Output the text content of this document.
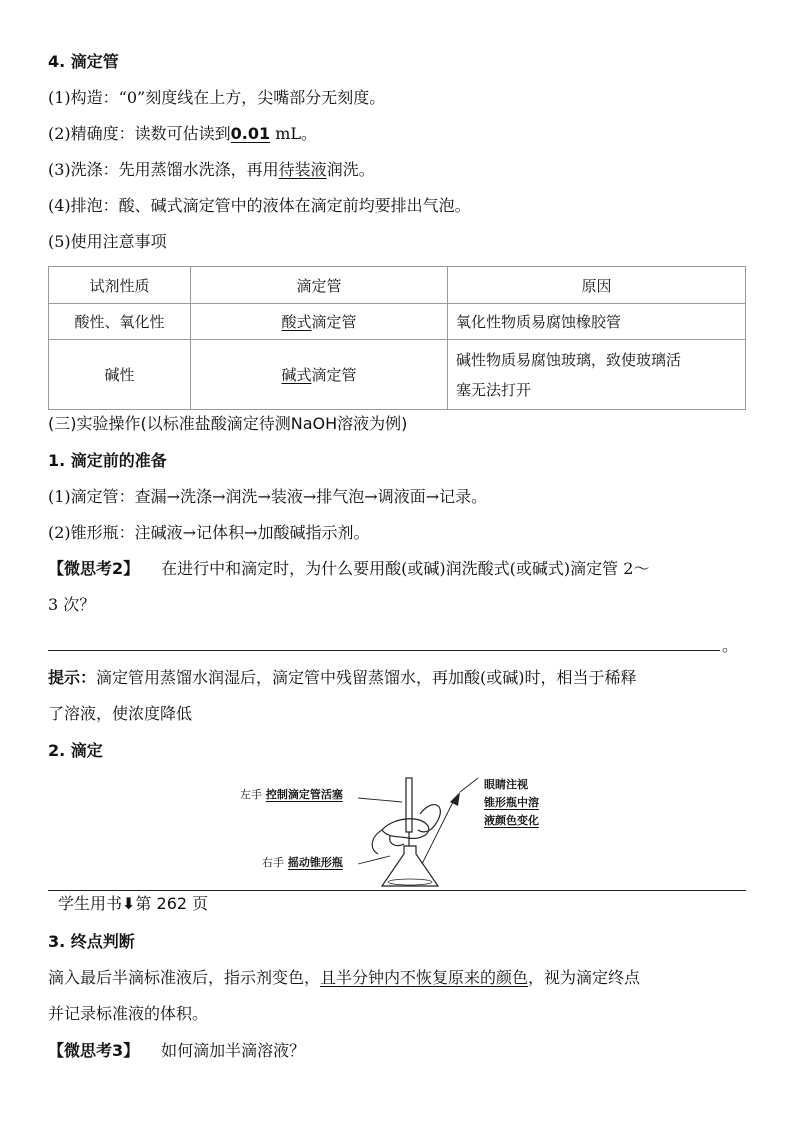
4. 滴定管
(1)构造：“0”刻度线在上方，尖嘴部分无刻度。
(2)精确度：读数可估读到0.01 mL。
(3)洗涤：先用蒸馏水洗涤，再用待装液润洗。
(4)排泡：酸、碱式滴定管中的液体在滴定前均要排出气泡。
(5)使用注意事项
试剂性质	滴定管	原因
酸性、氧化性	酸式滴定管	氧化性物质易腐蚀橡胶管
碱性	碱式滴定管	碱性物质易腐蚀玻璃，致使玻璃活
塞无法打开
(三)实验操作(以标准盐酸滴定待测NaOH溶液为例)
1. 滴定前的准备
(1)滴定管：查漏→洗涤→润洗→装液→排气泡→调液面→记录。
(2)锥形瓶：注碱液→记体积→加酸碱指示剂。
【微思考2】 在进行中和滴定时，为什么要用酸(或碱)润洗酸式(或碱式)滴定管 2～
3 次？
。
提示：滴定管用蒸馏水润湿后，滴定管中残留蒸馏水，再加酸(或碱)时，相当于稀释
了溶液，使浓度降低
2. 滴定
左手 控制滴定管活塞
右手 摇动锥形瓶
眼睛注视
锥形瓶中溶
液颜色变化
学生用书⬇第 262 页
3. 终点判断
滴入最后半滴标准液后，指示剂变色，且半分钟内不恢复原来的颜色，视为滴定终点
并记录标准液的体积。
【微思考3】 如何滴加半滴溶液？
